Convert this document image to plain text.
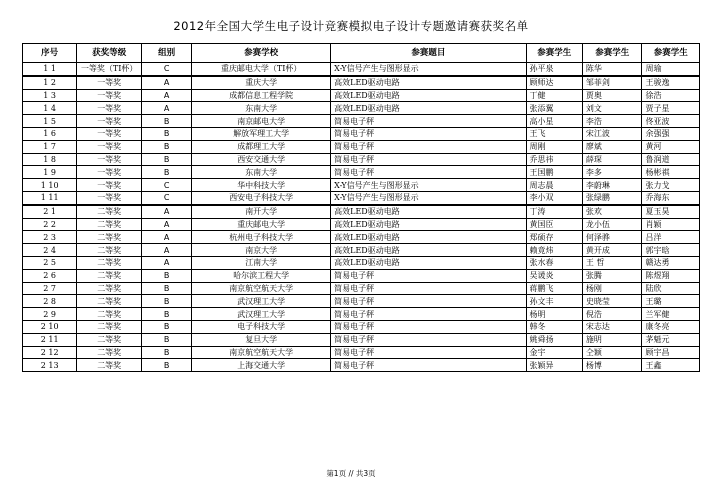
2012年全国大学生电子设计竞赛模拟电子设计专题邀请赛获奖名单
序号	获奖等级	组别	参赛学校	参赛题目	参赛学生	参赛学生	参赛学生
1 1	一等奖（TI杯）	C	重庆邮电大学（TI杯）	X-Y信号产生与图形显示	孙平泉	陈华	周瑜
1 2	一等奖	A	重庆大学	高效LED驱动电路	顾师达	邹菲剑	王骏逸
1 3	一等奖	A	成都信息工程学院	高效LED驱动电路	丁健	贾奥	徐浩
1 4	一等奖	A	东南大学	高效LED驱动电路	张添翼	刘文	贾子星
1 5	一等奖	B	南京邮电大学	简易电子秤	高小星	李浩	佟亚波
1 6	一等奖	B	解放军理工大学	简易电子秤	王飞	宋江波	余强强
1 7	一等奖	B	成都理工大学	简易电子秤	周刚	廖斌	黄河
1 8	一等奖	B	西安交通大学	简易电子秤	乔思祎	薛琛	鲁润道
1 9	一等奖	B	东南大学	简易电子秤	王国鹏	李多	杨彬祺
1 10	一等奖	C	华中科技大学	X-Y信号产生与图形显示	周志晨	李蔚琳	张力戈
1 11	一等奖	C	西安电子科技大学	X-Y信号产生与图形显示	李小双	张绿鹏	乔海东
2 1	二等奖	A	南开大学	高效LED驱动电路	丁涛	张欢	夏玉昊
2 2	二等奖	A	重庆邮电大学	高效LED驱动电路	黄国臣	龙小伍	肖颖
2 3	二等奖	A	杭州电子科技大学	高效LED驱动电路	郑硕存	何泽骅	吕洋
2 4	二等奖	A	南京大学	高效LED驱动电路	赖竟炜	黄开成	郭宇晗
2 5	二等奖	A	江南大学	高效LED驱动电路	张水春	王 哲	赣达勇
2 6	二等奖	B	哈尔滨工程大学	简易电子秤	吴谖炎	张腾	陈煜翔
2 7	二等奖	B	南京航空航天大学	简易电子秤	蒋鹏飞	杨刚	陆欣
2 8	二等奖	B	武汉理工大学	简易电子秤	孙文丰	史晓莹	王璐
2 9	二等奖	B	武汉理工大学	简易电子秤	杨明	倪浩	兰军健
2 10	二等奖	B	电子科技大学	简易电子秤	韩冬	宋志达	康冬亮
2 11	二等奖	B	复旦大学	简易电子秤	姚舜扬	施明	茅魁元
2 12	二等奖	B	南京航空航天大学	简易电子秤	金宇	仝颖	顾宇昌
2 13	二等奖	B	上海交通大学	简易电子秤	张颖异	杨博	王鑫
第1页 // 共3页
